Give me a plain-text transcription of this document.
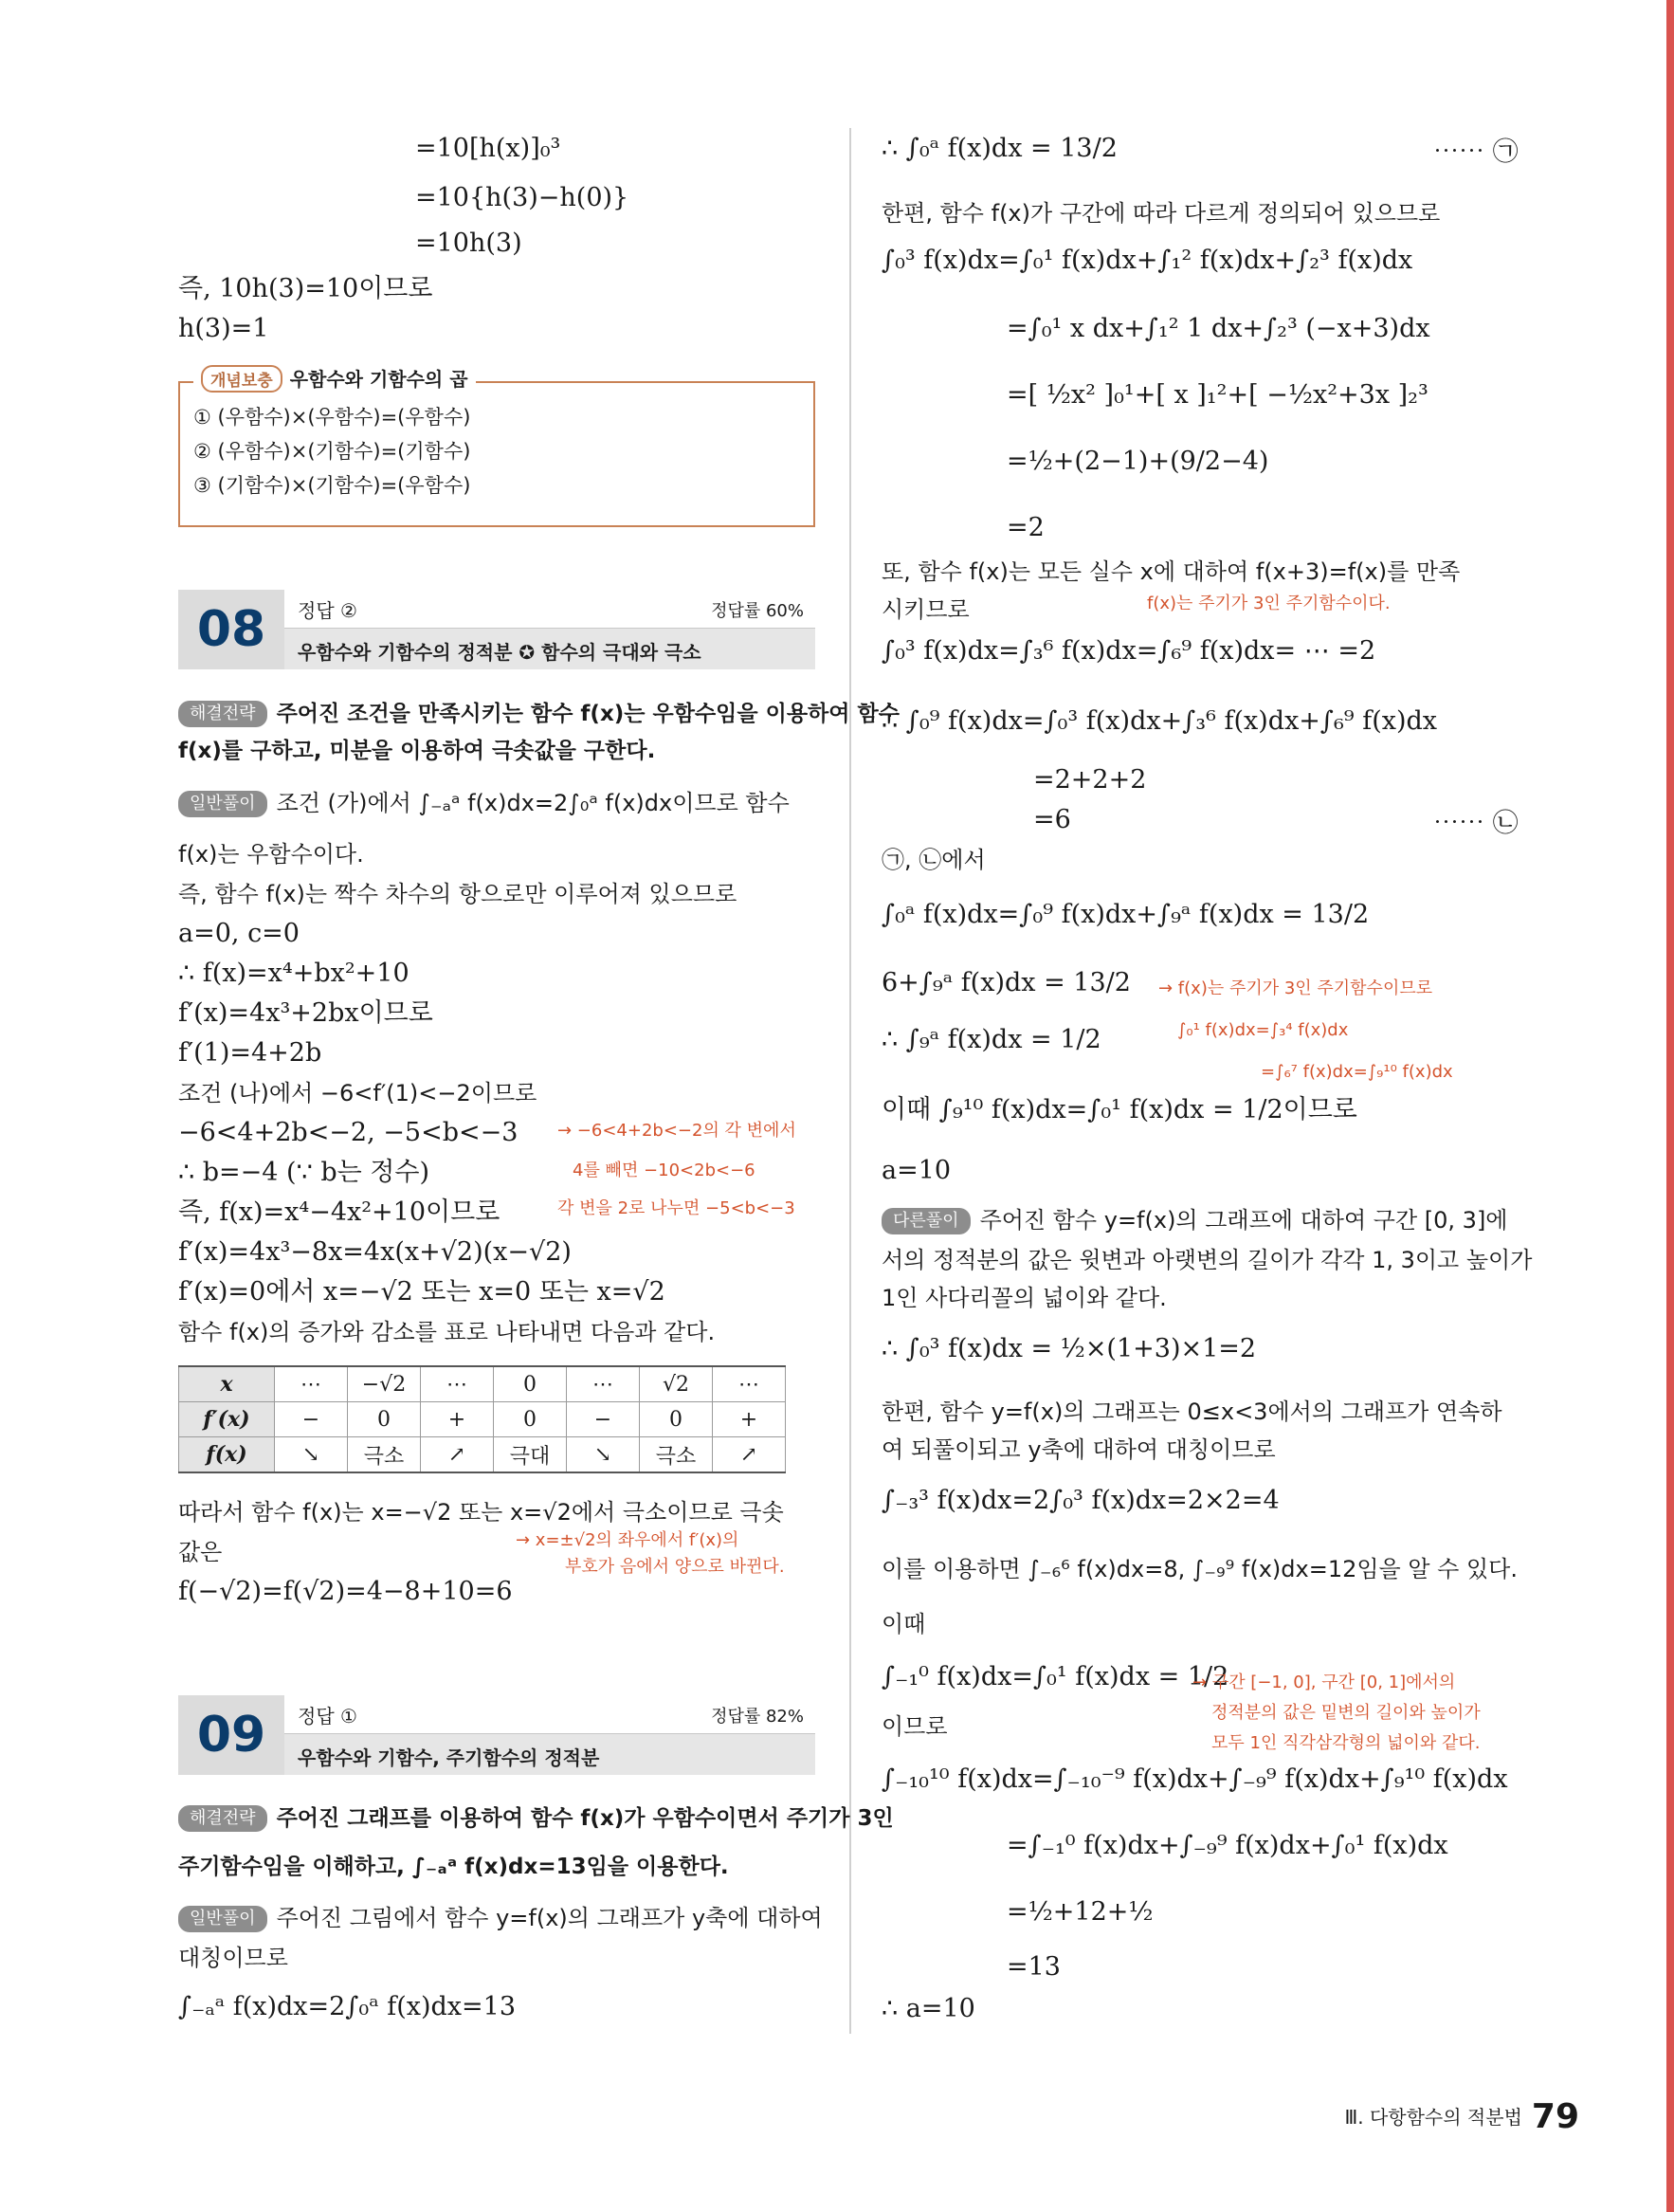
=10[h(x)]₀³
=10{h(3)−h(0)}
=10h(3)
즉, 10h(3)=10이므로
h(3)=1
개념보충 우함수와 기함수의 곱
① (우함수)×(우함수)=(우함수)
② (우함수)×(기함수)=(기함수)
③ (기함수)×(기함수)=(우함수)
08	정답 ②	정답률 60%
우함수와 기함수의 정적분 ✪ 함수의 극대와 극소
해결전략 주어진 조건을 만족시키는 함수 f(x)는 우함수임을 이용하여 함수
f(x)를 구하고, 미분을 이용하여 극솟값을 구한다.
일반풀이 조건 (가)에서 ∫₋ₐᵃ f(x)dx=2∫₀ᵃ f(x)dx이므로 함수
f(x)는 우함수이다.
즉, 함수 f(x)는 짝수 차수의 항으로만 이루어져 있으므로
a=0, c=0
∴ f(x)=x⁴+bx²+10
f′(x)=4x³+2bx이므로
f′(1)=4+2b
조건 (나)에서 −6<f′(1)<−2이므로
−6<4+2b<−2, −5<b<−3
∴ b=−4 (∵ b는 정수)
즉, f(x)=x⁴−4x²+10이므로
f′(x)=4x³−8x=4x(x+√2)(x−√2)
f′(x)=0에서 x=−√2 또는 x=0 또는 x=√2
함수 f(x)의 증가와 감소를 표로 나타내면 다음과 같다.
→ −6<4+2b<−2의 각 변에서
4를 빼면 −10<2b<−6
각 변을 2로 나누면 −5<b<−3
x	⋯	−√2	⋯	0	⋯	√2	⋯
f′(x)	−	0	+	0	−	0	+
f(x)	↘	극소	↗	극대	↘	극소	↗
따라서 함수 f(x)는 x=−√2 또는 x=√2에서 극소이므로 극솟
값은
f(−√2)=f(√2)=4−8+10=6
→ x=±√2의 좌우에서 f′(x)의
부호가 음에서 양으로 바뀐다.
09	정답 ①	정답률 82%
우함수와 기함수, 주기함수의 정적분
해결전략 주어진 그래프를 이용하여 함수 f(x)가 우함수이면서 주기가 3인
주기함수임을 이해하고, ∫₋ₐᵃ f(x)dx=13임을 이용한다.
일반풀이 주어진 그림에서 함수 y=f(x)의 그래프가 y축에 대하여
대칭이므로
∫₋ₐᵃ f(x)dx=2∫₀ᵃ f(x)dx=13
∴ ∫₀ᵃ f(x)dx = 13/2	⋯⋯ ㉠
한편, 함수 f(x)가 구간에 따라 다르게 정의되어 있으므로
∫₀³ f(x)dx=∫₀¹ f(x)dx+∫₁² f(x)dx+∫₂³ f(x)dx
=∫₀¹ x dx+∫₁² 1 dx+∫₂³ (−x+3)dx
=[ ½x² ]₀¹+[ x ]₁²+[ −½x²+3x ]₂³
=½+(2−1)+(9/2−4)
=2
또, 함수 f(x)는 모든 실수 x에 대하여 f(x+3)=f(x)를 만족
시키므로	f(x)는 주기가 3인 주기함수이다.
∫₀³ f(x)dx=∫₃⁶ f(x)dx=∫₆⁹ f(x)dx= ⋯ =2
∴ ∫₀⁹ f(x)dx=∫₀³ f(x)dx+∫₃⁶ f(x)dx+∫₆⁹ f(x)dx
=2+2+2
=6	⋯⋯ ㉡
㉠, ㉡에서
∫₀ᵃ f(x)dx=∫₀⁹ f(x)dx+∫₉ᵃ f(x)dx = 13/2
6+∫₉ᵃ f(x)dx = 13/2
∴ ∫₉ᵃ f(x)dx = 1/2
이때 ∫₉¹⁰ f(x)dx=∫₀¹ f(x)dx = 1/2이므로
a=10
→ f(x)는 주기가 3인 주기함수이므로
∫₀¹ f(x)dx=∫₃⁴ f(x)dx
=∫₆⁷ f(x)dx=∫₉¹⁰ f(x)dx
다른풀이 주어진 함수 y=f(x)의 그래프에 대하여 구간 [0, 3]에
서의 정적분의 값은 윗변과 아랫변의 길이가 각각 1, 3이고 높이가
1인 사다리꼴의 넓이와 같다.
∴ ∫₀³ f(x)dx = ½×(1+3)×1=2
한편, 함수 y=f(x)의 그래프는 0≤x<3에서의 그래프가 연속하
여 되풀이되고 y축에 대하여 대칭이므로
∫₋₃³ f(x)dx=2∫₀³ f(x)dx=2×2=4
이를 이용하면 ∫₋₆⁶ f(x)dx=8, ∫₋₉⁹ f(x)dx=12임을 알 수 있다.
이때
∫₋₁⁰ f(x)dx=∫₀¹ f(x)dx = 1/2
이므로
∫₋₁₀¹⁰ f(x)dx=∫₋₁₀⁻⁹ f(x)dx+∫₋₉⁹ f(x)dx+∫₉¹⁰ f(x)dx
=∫₋₁⁰ f(x)dx+∫₋₉⁹ f(x)dx+∫₀¹ f(x)dx
=½+12+½
=13
∴ a=10
→ 구간 [−1, 0], 구간 [0, 1]에서의
정적분의 값은 밑변의 길이와 높이가
모두 1인 직각삼각형의 넓이와 같다.
Ⅲ. 다항함수의 적분법 79
